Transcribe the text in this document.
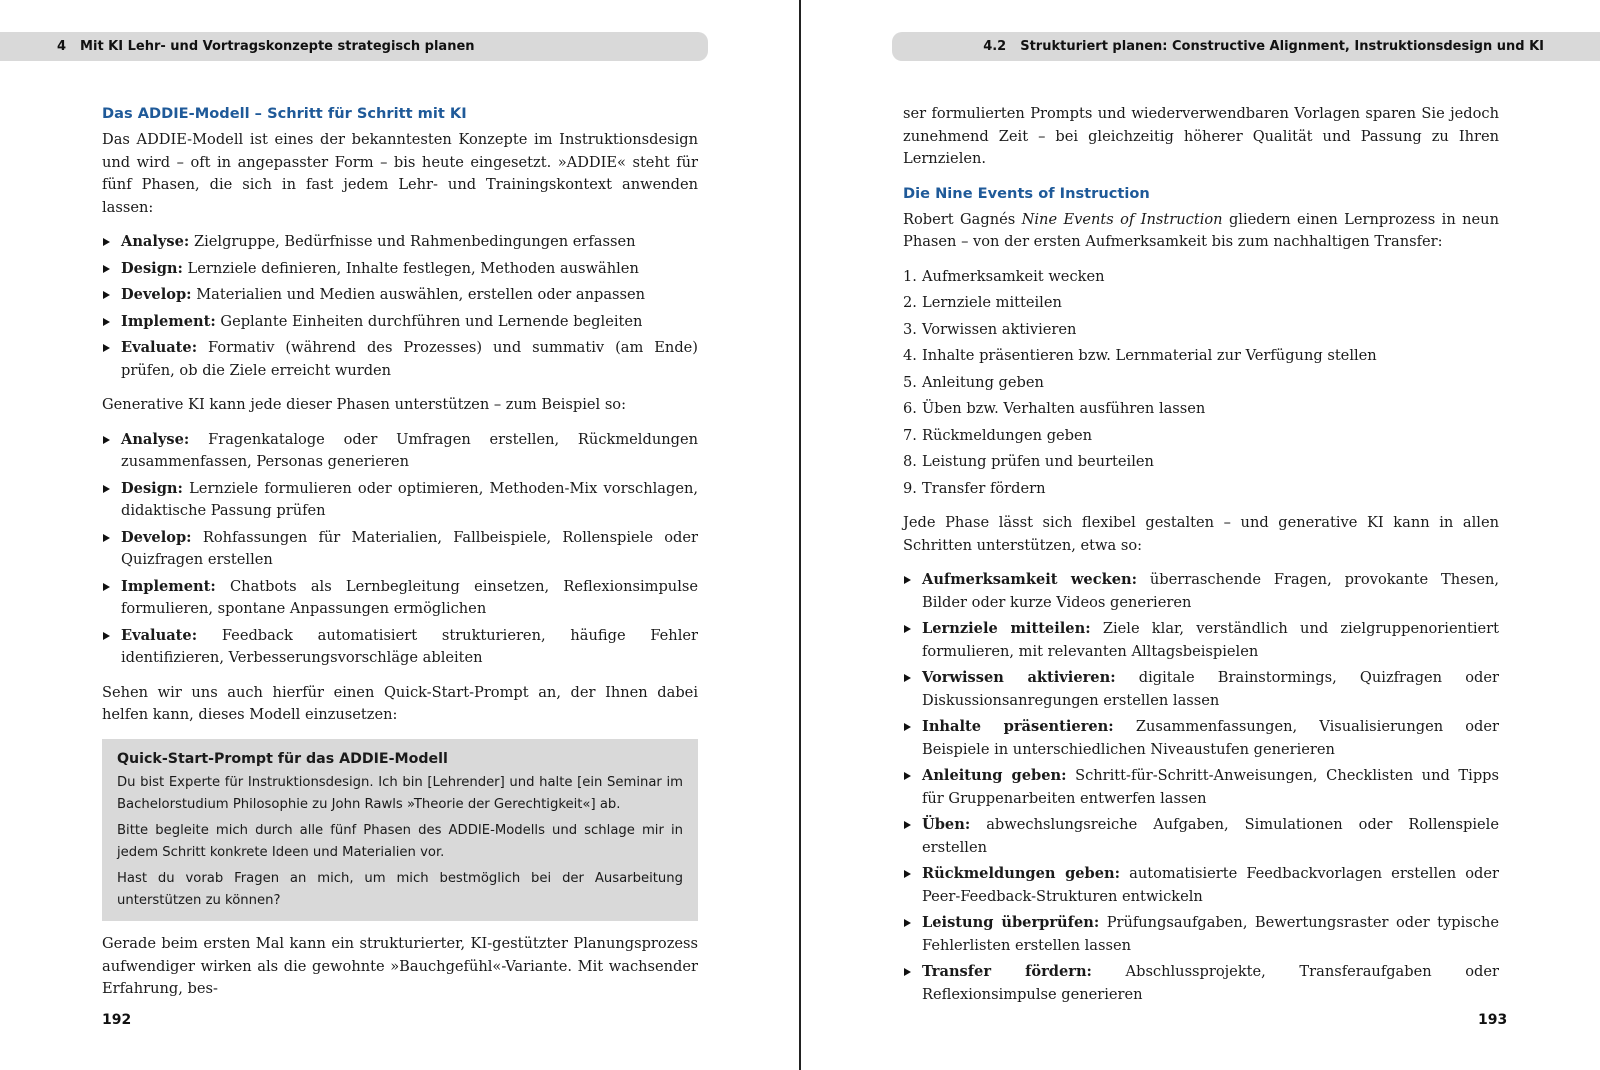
4 Mit KI Lehr- und Vortragskonzepte strategisch planen
Das ADDIE-Modell – Schritt für Schritt mit KI

Das ADDIE-Modell ist eines der bekanntesten Konzepte im Instruktionsdesign und wird – oft in angepasster Form – bis heute eingesetzt. »ADDIE« steht für fünf Phasen, die sich in fast jedem Lehr- und Trainingskontext anwenden lassen:

Analyse: Zielgruppe, Bedürfnisse und Rahmenbedingungen erfassen
Design: Lernziele definieren, Inhalte festlegen, Methoden auswählen
Develop: Materialien und Medien auswählen, erstellen oder anpassen
Implement: Geplante Einheiten durchführen und Lernende begleiten
Evaluate: Formativ (während des Prozesses) und summativ (am Ende) prüfen, ob die Ziele erreicht wurden

Generative KI kann jede dieser Phasen unterstützen – zum Beispiel so:

Analyse: Fragenkataloge oder Umfragen erstellen, Rückmeldungen zusammenfassen, Personas generieren
Design: Lernziele formulieren oder optimieren, Methoden-Mix vorschlagen, didaktische Passung prüfen
Develop: Rohfassungen für Materialien, Fallbeispiele, Rollenspiele oder Quizfragen erstellen
Implement: Chatbots als Lernbegleitung einsetzen, Reflexionsimpulse formulieren, spontane Anpassungen ermöglichen
Evaluate: Feedback automatisiert strukturieren, häufige Fehler identifizieren, Verbesserungsvorschläge ableiten

Sehen wir uns auch hierfür einen Quick-Start-Prompt an, der Ihnen dabei helfen kann, dieses Modell einzusetzen:

Quick-Start-Prompt für das ADDIE-Modell

Du bist Experte für Instruktionsdesign. Ich bin [Lehrender] und halte [ein Seminar im Bachelorstudium Philosophie zu John Rawls »Theorie der Gerechtigkeit«] ab.

Bitte begleite mich durch alle fünf Phasen des ADDIE-Modells und schlage mir in jedem Schritt konkrete Ideen und Materialien vor.

Hast du vorab Fragen an mich, um mich bestmöglich bei der Ausarbeitung unterstützen zu können?

Gerade beim ersten Mal kann ein strukturierter, KI-gestützter Planungsprozess aufwendiger wirken als die gewohnte »Bauchgefühl«-Variante. Mit wachsender Erfahrung, bes-

192
4.2 Strukturiert planen: Constructive Alignment, Instruktionsdesign und KI

ser formulierten Prompts und wiederverwendbaren Vorlagen sparen Sie jedoch zunehmend Zeit – bei gleichzeitig höherer Qualität und Passung zu Ihren Lernzielen.

Die Nine Events of Instruction

Robert Gagnés Nine Events of Instruction gliedern einen Lernprozess in neun Phasen – von der ersten Aufmerksamkeit bis zum nachhaltigen Transfer:

1. Aufmerksamkeit wecken
2. Lernziele mitteilen
3. Vorwissen aktivieren
4. Inhalte präsentieren bzw. Lernmaterial zur Verfügung stellen
5. Anleitung geben
6. Üben bzw. Verhalten ausführen lassen
7. Rückmeldungen geben
8. Leistung prüfen und beurteilen
9. Transfer fördern

Jede Phase lässt sich flexibel gestalten – und generative KI kann in allen Schritten unterstützen, etwa so:

Aufmerksamkeit wecken: überraschende Fragen, provokante Thesen, Bilder oder kurze Videos generieren
Lernziele mitteilen: Ziele klar, verständlich und zielgruppenorientiert formulieren, mit relevanten Alltagsbeispielen
Vorwissen aktivieren: digitale Brainstormings, Quizfragen oder Diskussionsanregungen erstellen lassen
Inhalte präsentieren: Zusammenfassungen, Visualisierungen oder Beispiele in unterschiedlichen Niveaustufen generieren
Anleitung geben: Schritt-für-Schritt-Anweisungen, Checklisten und Tipps für Gruppenarbeiten entwerfen lassen
Üben: abwechslungsreiche Aufgaben, Simulationen oder Rollenspiele erstellen
Rückmeldungen geben: automatisierte Feedbackvorlagen erstellen oder Peer-Feedback-Strukturen entwickeln
Leistung überprüfen: Prüfungsaufgaben, Bewertungsraster oder typische Fehlerlisten erstellen lassen
Transfer fördern: Abschlussprojekte, Transferaufgaben oder Reflexionsimpulse generieren
193
